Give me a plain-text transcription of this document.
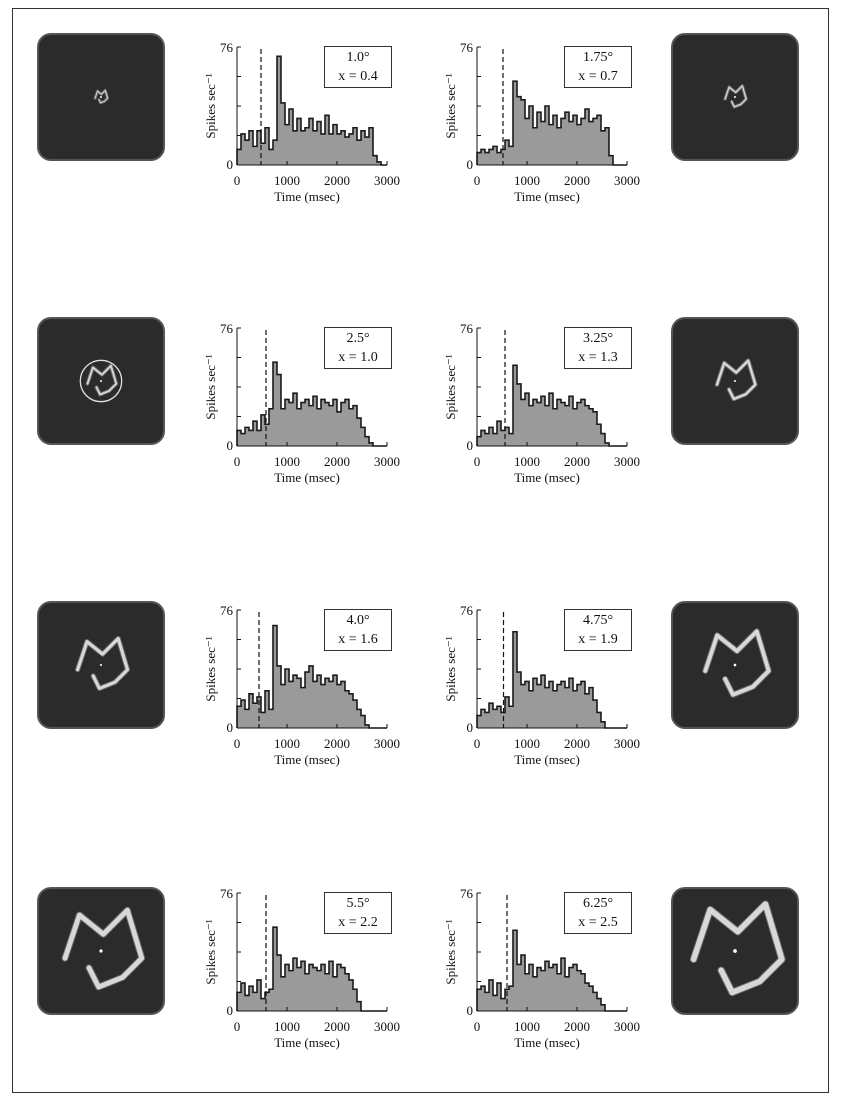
76
0
0	1000 2000 3000
Time (msec)
Spikes sec⁻¹
1.0°
x = 0.4
76
0
0	1000 2000 3000
Time (msec)
Spikes sec⁻¹
1.75°
x = 0.7
76
0
0	1000 2000 3000
Time (msec)
Spikes sec⁻¹
2.5°
x = 1.0
76
0
0	1000 2000 3000
Time (msec)
Spikes sec⁻¹
3.25°
x = 1.3
76
0
0	1000 2000 3000
Time (msec)
Spikes sec⁻¹
4.0°
x = 1.6
76
0
0	1000 2000 3000
Time (msec)
Spikes sec⁻¹
4.75°
x = 1.9
76
0
0	1000 2000 3000
Time (msec)
Spikes sec⁻¹
5.5°
x = 2.2
76
0
0	1000 2000 3000
Time (msec)
Spikes sec⁻¹
6.25°
x = 2.5
